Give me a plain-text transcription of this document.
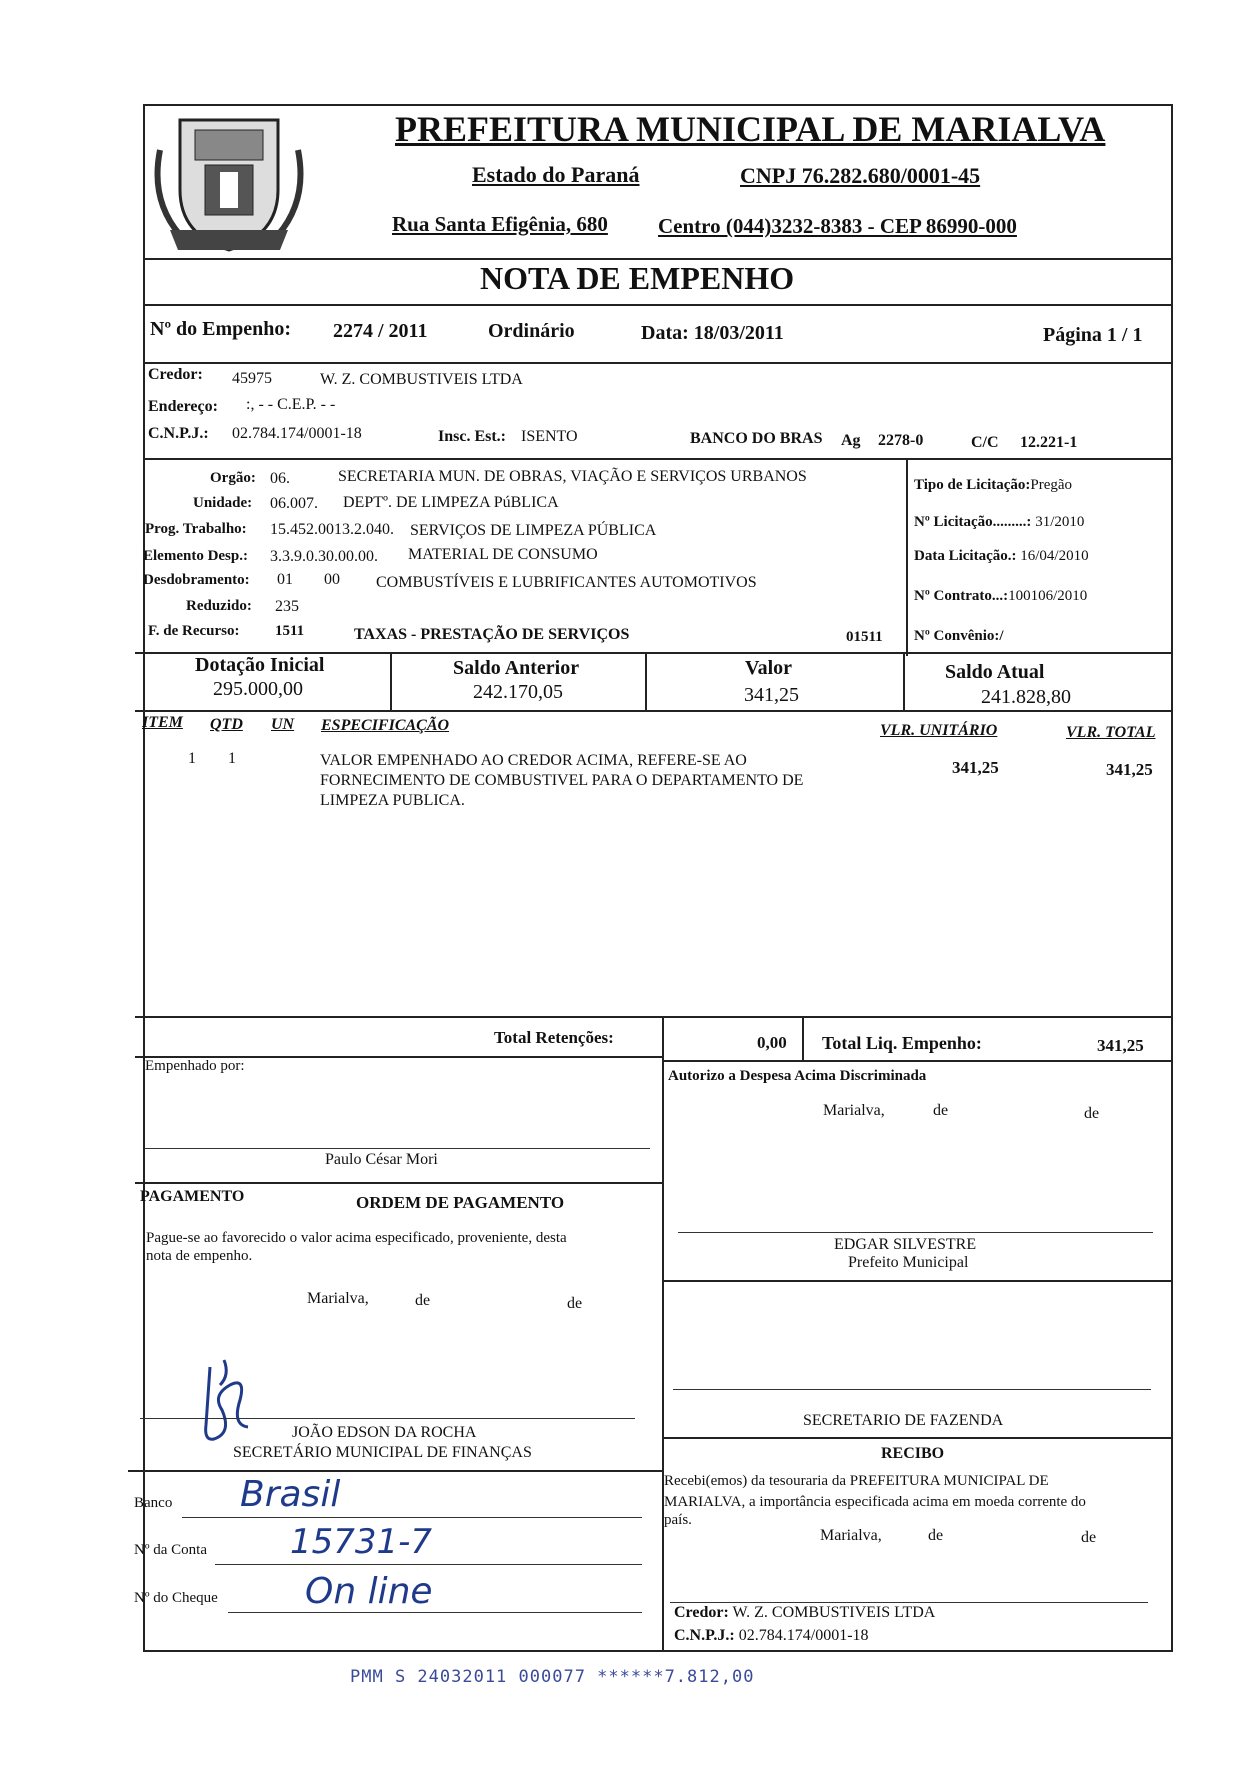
PREFEITURA MUNICIPAL DE MARIALVA
Estado do Paraná	CNPJ 76.282.680/0001-45
Rua Santa Efigênia, 680 Centro (044)3232-8383 - CEP 86990-000
NOTA DE EMPENHO
Nº do Empenho: 2274 / 2011	Ordinário	Data: 18/03/2011	Página 1 / 1
Credor: 45975	W. Z. COMBUSTIVEIS LTDA
Endereço: :, - - C.E.P. - -
C.N.P.J.: 02.784.174/0001-18	Insc. Est.: ISENTO	BANCO DO BRAS Ag 2278-0	C/C 12.221-1
Orgão: 06.	SECRETARIA MUN. DE OBRAS, VIAÇÃO E SERVIÇOS URBANOS
Unidade: 06.007. DEPTº. DE LIMPEZA PúBLICA
Prog. Trabalho: 15.452.0013.2.040. SERVIÇOS DE LIMPEZA PÚBLICA
Elemento Desp.: 3.3.9.0.30.00.00. MATERIAL DE CONSUMO
Desdobramento: 01 00 COMBUSTÍVEIS E LUBRIFICANTES AUTOMOTIVOS
Reduzido: 235
F. de Recurso: 1511	TAXAS - PRESTAÇÃO DE SERVIÇOS	01511
Tipo de Licitação:Pregão
Nº Licitação.........: 31/2010
Data Licitação.: 16/04/2010
Nº Contrato...:100106/2010
Nº Convênio:/
Dotação Inicial
295.000,00
Saldo Anterior
242.170,05
Valor
341,25
Saldo Atual
241.828,80
ITEM QTD UN ESPECIFICAÇÃO	VLR. UNITÁRIO	VLR. TOTAL
1 1	VALOR EMPENHADO AO CREDOR ACIMA, REFERE-SE AO
FORNECIMENTO DE COMBUSTIVEL PARA O DEPARTAMENTO DE
LIMPEZA PUBLICA.
341,25	341,25
Total Retenções:	0,00 Total Liq. Empenho:	341,25
Empenhado por:
Paulo César Mori
Autorizo a Despesa Acima Discriminada
Marialva,	de	de
EDGAR SILVESTRE
Prefeito Municipal
PAGAMENTO	ORDEM DE PAGAMENTO
Pague-se ao favorecido o valor acima especificado, proveniente, desta
nota de empenho.
Marialva,	de	de
JOÃO EDSON DA ROCHA
SECRETÁRIO MUNICIPAL DE FINANÇAS
SECRETARIO DE FAZENDA
RECIBO
Recebi(emos) da tesouraria da PREFEITURA MUNICIPAL DE
MARIALVA, a importância especificada acima em moeda corrente do
país.
Marialva,	de	de
Banco Brasil
Nº da Conta 15731-7
Nº do Cheque On line
Credor: W. Z. COMBUSTIVEIS LTDA
C.N.P.J.: 02.784.174/0001-18
PMM S 24032011 000077 ******7.812,00
